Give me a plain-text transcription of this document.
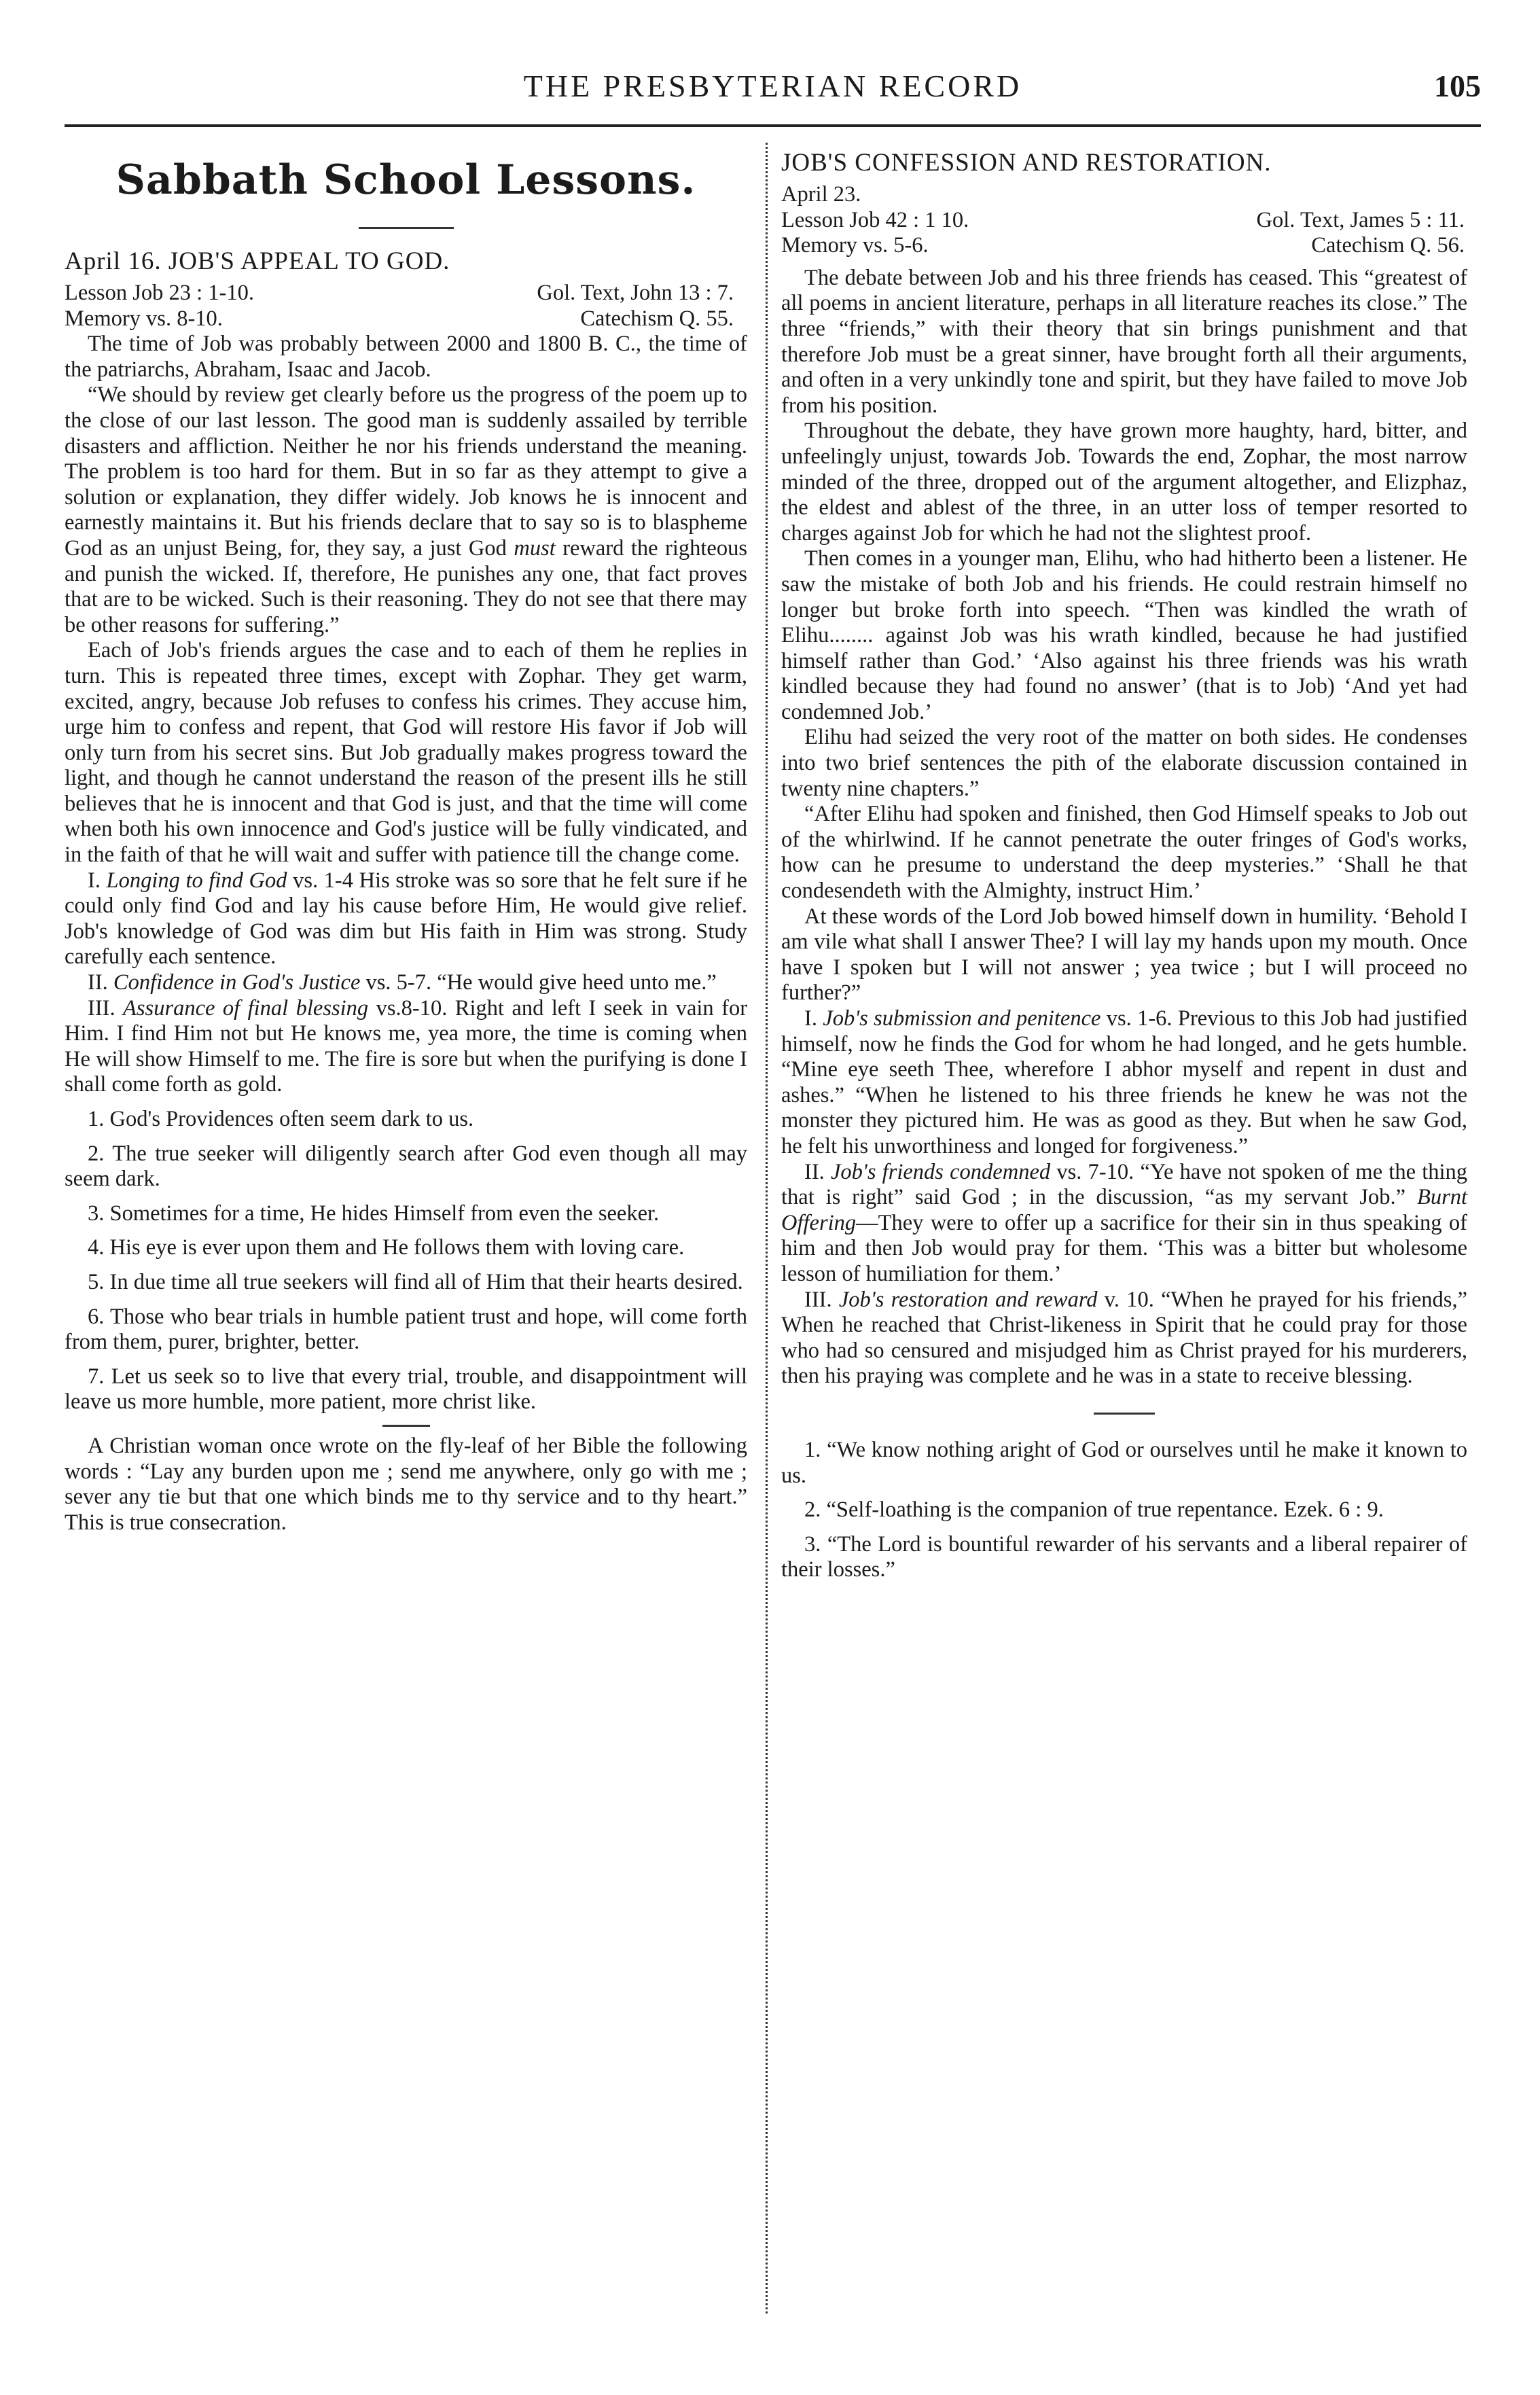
THE PRESBYTERIAN RECORD	105
Sabbath School Lessons.
April 16. JOB'S APPEAL TO GOD.
Lesson Job 23 : 1-10.	Gol. Text, John 13 : 7.
Memory vs. 8-10.	Catechism Q. 55.

The time of Job was probably between 2000 and 1800 B. C., the time of the patriarchs, Abraham, Isaac and Jacob.

“We should by review get clearly before us the progress of the poem up to the close of our last lesson. The good man is suddenly assailed by terrible disasters and affliction. Neither he nor his friends understand the meaning. The problem is too hard for them. But in so far as they attempt to give a solution or explanation, they differ widely. Job knows he is innocent and earnestly maintains it. But his friends declare that to say so is to blaspheme God as an unjust Being, for, they say, a just God must reward the righteous and punish the wicked. If, therefore, He punishes any one, that fact proves that are to be wicked. Such is their reasoning. They do not see that there may be other reasons for suffering.”

Each of Job's friends argues the case and to each of them he replies in turn. This is repeated three times, except with Zophar. They get warm, excited, angry, because Job refuses to confess his crimes. They accuse him, urge him to confess and repent, that God will restore His favor if Job will only turn from his secret sins. But Job gradually makes progress toward the light, and though he cannot understand the reason of the present ills he still believes that he is innocent and that God is just, and that the time will come when both his own innocence and God's justice will be fully vindicated, and in the faith of that he will wait and suffer with patience till the change come.

I. Longing to find God vs. 1-4 His stroke was so sore that he felt sure if he could only find God and lay his cause before Him, He would give relief. Job's knowledge of God was dim but His faith in Him was strong. Study carefully each sentence.

II. Confidence in God's Justice vs. 5-7. “He would give heed unto me.”

III. Assurance of final blessing vs.8-10. Right and left I seek in vain for Him. I find Him not but He knows me, yea more, the time is coming when He will show Himself to me. The fire is sore but when the purifying is done I shall come forth as gold.

1. God's Providences often seem dark to us.

2. The true seeker will diligently search after God even though all may seem dark.

3. Sometimes for a time, He hides Himself from even the seeker.

4. His eye is ever upon them and He follows them with loving care.

5. In due time all true seekers will find all of Him that their hearts desired.

6. Those who bear trials in humble patient trust and hope, will come forth from them, purer, brighter, better.

7. Let us seek so to live that every trial, trouble, and disappointment will leave us more humble, more patient, more christ like.

A Christian woman once wrote on the fly-leaf of her Bible the following words : “Lay any burden upon me ; send me anywhere, only go with me ; sever any tie but that one which binds me to thy service and to thy heart.” This is true consecration.

JOB'S CONFESSION AND RESTORATION.

April 23.

Lesson Job 42 : 1 10.	Gol. Text, James 5 : 11.
Memory vs. 5-6.	Catechism Q. 56.

The debate between Job and his three friends has ceased. This “greatest of all poems in ancient literature, perhaps in all literature reaches its close.” The three “friends,” with their theory that sin brings punishment and that therefore Job must be a great sinner, have brought forth all their arguments, and often in a very unkindly tone and spirit, but they have failed to move Job from his position.

Throughout the debate, they have grown more haughty, hard, bitter, and unfeelingly unjust, towards Job. Towards the end, Zophar, the most narrow minded of the three, dropped out of the argument altogether, and Elizphaz, the eldest and ablest of the three, in an utter loss of temper resorted to charges against Job for which he had not the slightest proof.

Then comes in a younger man, Elihu, who had hitherto been a listener. He saw the mistake of both Job and his friends. He could restrain himself no longer but broke forth into speech. “Then was kindled the wrath of Elihu........ against Job was his wrath kindled, because he had justified himself rather than God.’ ‘Also against his three friends was his wrath kindled because they had found no answer’ (that is to Job) ‘And yet had condemned Job.’

Elihu had seized the very root of the matter on both sides. He condenses into two brief sentences the pith of the elaborate discussion contained in twenty nine chapters.”

“After Elihu had spoken and finished, then God Himself speaks to Job out of the whirlwind. If he cannot penetrate the outer fringes of God's works, how can he presume to understand the deep mysteries.” ‘Shall he that condesendeth with the Almighty, instruct Him.’

At these words of the Lord Job bowed himself down in humility. ‘Behold I am vile what shall I answer Thee? I will lay my hands upon my mouth. Once have I spoken but I will not answer ; yea twice ; but I will proceed no further?”

I. Job's submission and penitence vs. 1-6. Previous to this Job had justified himself, now he finds the God for whom he had longed, and he gets humble. “Mine eye seeth Thee, wherefore I abhor myself and repent in dust and ashes.” “When he listened to his three friends he knew he was not the monster they pictured him. He was as good as they. But when he saw God, he felt his unworthiness and longed for forgiveness.”

II. Job's friends condemned vs. 7-10. “Ye have not spoken of me the thing that is right” said God ; in the discussion, “as my servant Job.” Burnt Offering—They were to offer up a sacrifice for their sin in thus speaking of him and then Job would pray for them. ‘This was a bitter but wholesome lesson of humiliation for them.’

III. Job's restoration and reward v. 10. “When he prayed for his friends,” When he reached that Christ-likeness in Spirit that he could pray for those who had so censured and misjudged him as Christ prayed for his murderers, then his praying was complete and he was in a state to receive blessing.

1. “We know nothing aright of God or ourselves until he make it known to us.

2. “Self-loathing is the companion of true repentance. Ezek. 6 : 9.

3. “The Lord is bountiful rewarder of his servants and a liberal repairer of their losses.”
